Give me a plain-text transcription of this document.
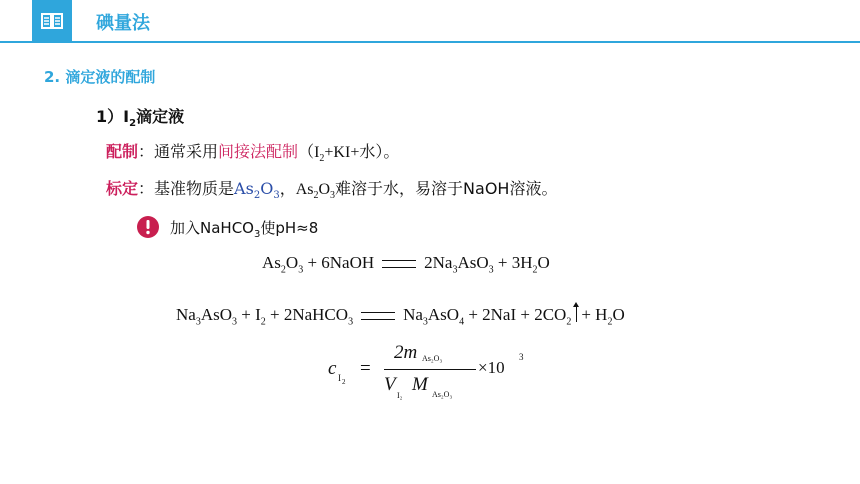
碘量法
2. 滴定液的配制
$1)I_2$滴定液
配制：通常采用间接法配制（$I_2+KI+$水）。
标定：基准物质是$As_2O_3$，$As_2O_3$难溶于水，易溶于NaOH溶液。
加入NaHCO$_3$使pH≈8
$As_2O_3$ + 6NaOH	$2Na_3AsO_3 + 3H_2O$
$Na_3AsO_3 + I_2$ + 2NaHCO$_3$	$Na_3AsO_4 + 2NaI + 2CO_2 + H_2O$
c I 2
=
2m As₂O₃
V
I₂
M As₂O₃
×10
3
